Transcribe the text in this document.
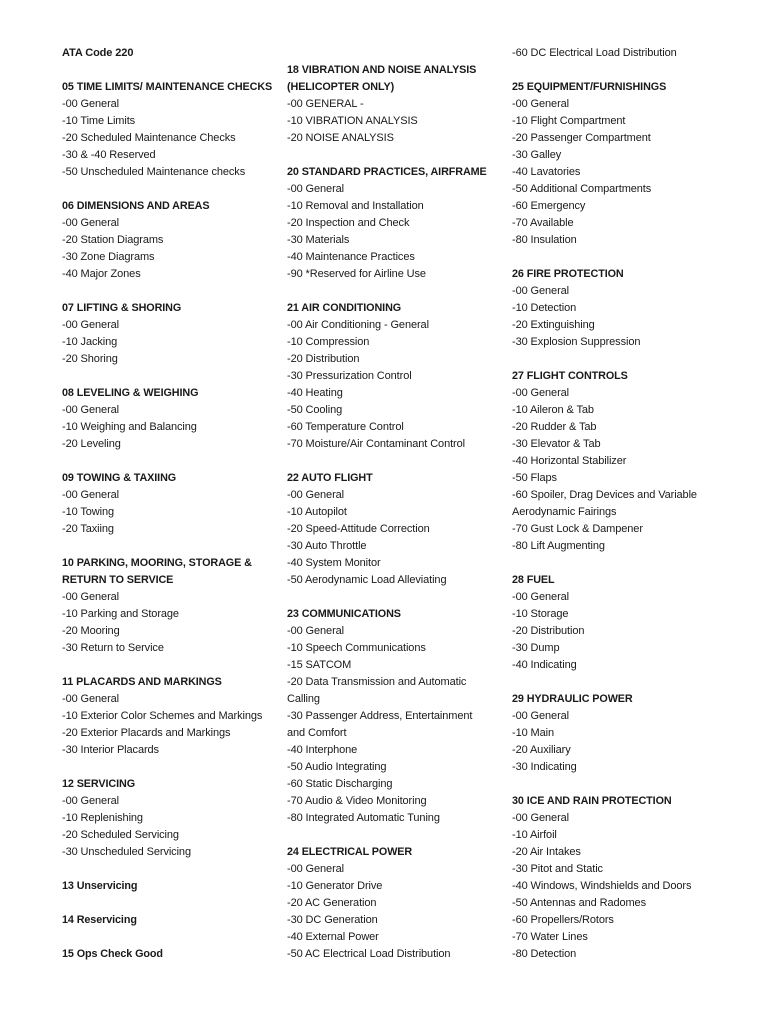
ATA Code 220
05 TIME LIMITS/ MAINTENANCE CHECKS
-00 General
-10 Time Limits
-20 Scheduled Maintenance Checks
-30 & -40 Reserved
-50 Unscheduled Maintenance checks
06 DIMENSIONS AND AREAS
-00 General
-20 Station Diagrams
-30 Zone Diagrams
-40 Major Zones
07 LIFTING & SHORING
-00 General
-10 Jacking
-20 Shoring
08 LEVELING & WEIGHING
-00 General
-10 Weighing and Balancing
-20 Leveling
09 TOWING & TAXIING
-00 General
-10 Towing
-20 Taxiing
10 PARKING, MOORING, STORAGE &
RETURN TO SERVICE
-00 General
-10 Parking and Storage
-20 Mooring
-30 Return to Service
11 PLACARDS AND MARKINGS
-00 General
-10 Exterior Color Schemes and Markings
-20 Exterior Placards and Markings
-30 Interior Placards
12 SERVICING
-00 General
-10 Replenishing
-20 Scheduled Servicing
-30 Unscheduled Servicing
13 Unservicing
14 Reservicing
15 Ops Check Good
18 VIBRATION AND NOISE ANALYSIS
(HELICOPTER ONLY)
-00 GENERAL -
-10 VIBRATION ANALYSIS
-20 NOISE ANALYSIS
20 STANDARD PRACTICES, AIRFRAME
-00 General
-10 Removal and Installation
-20 Inspection and Check
-30 Materials
-40 Maintenance Practices
-90 *Reserved for Airline Use
21 AIR CONDITIONING
-00 Air Conditioning - General
-10 Compression
-20 Distribution
-30 Pressurization Control
-40 Heating
-50 Cooling
-60 Temperature Control
-70 Moisture/Air Contaminant Control
22 AUTO FLIGHT
-00 General
-10 Autopilot
-20 Speed-Attitude Correction
-30 Auto Throttle
-40 System Monitor
-50 Aerodynamic Load Alleviating
23 COMMUNICATIONS
-00 General
-10 Speech Communications
-15 SATCOM
-20 Data Transmission and Automatic
Calling
-30 Passenger Address, Entertainment
and Comfort
-40 Interphone
-50 Audio Integrating
-60 Static Discharging
-70 Audio & Video Monitoring
-80 Integrated Automatic Tuning
24 ELECTRICAL POWER
-00 General
-10 Generator Drive
-20 AC Generation
-30 DC Generation
-40 External Power
-50 AC Electrical Load Distribution
-60 DC Electrical Load Distribution
25 EQUIPMENT/FURNISHINGS
-00 General
-10 Flight Compartment
-20 Passenger Compartment
-30 Galley
-40 Lavatories
-50 Additional Compartments
-60 Emergency
-70 Available
-80 Insulation
26 FIRE PROTECTION
-00 General
-10 Detection
-20 Extinguishing
-30 Explosion Suppression
27 FLIGHT CONTROLS
-00 General
-10 Aileron & Tab
-20 Rudder & Tab
-30 Elevator & Tab
-40 Horizontal Stabilizer
-50 Flaps
-60 Spoiler, Drag Devices and Variable
Aerodynamic Fairings
-70 Gust Lock & Dampener
-80 Lift Augmenting
28 FUEL
-00 General
-10 Storage
-20 Distribution
-30 Dump
-40 Indicating
29 HYDRAULIC POWER
-00 General
-10 Main
-20 Auxiliary
-30 Indicating
30 ICE AND RAIN PROTECTION
-00 General
-10 Airfoil
-20 Air Intakes
-30 Pitot and Static
-40 Windows, Windshields and Doors
-50 Antennas and Radomes
-60 Propellers/Rotors
-70 Water Lines
-80 Detection
